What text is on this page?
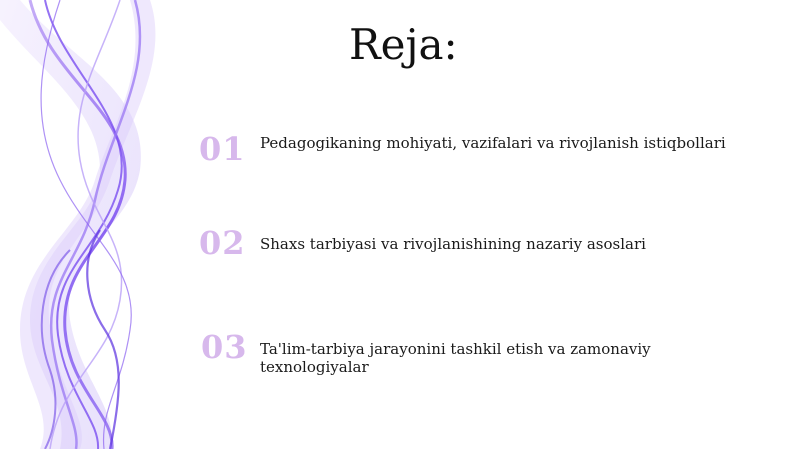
Reja:
01 Pedagogikaning mohiyati, vazifalari va rivojlanish istiqbollari
02 Shaxs tarbiyasi va rivojlanishining nazariy asoslari
03 Ta'lim-tarbiya jarayonini tashkil etish va zamonaviy texnologiyalar
